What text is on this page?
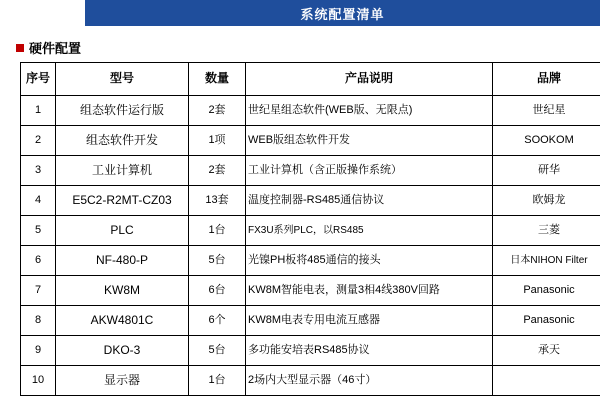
系统配置清单
硬件配置
序号	型号	数量	产品说明	品牌
1	组态软件运行版	2套	世纪星组态软件(WEB版、无限点)	世纪星
2	组态软件开发	1项	WEB版组态软件开发	SOOKOM
3	工业计算机	2套	工业计算机（含正版操作系统）	研华
4	E5C2-R2MT-CZ03	13套	温度控制器-RS485通信协议	欧姆龙
5	PLC	1台	FX3U系列PLC，以RS485	三菱
6	NF-480-P	5台	光镍PH板将485通信的接头	日本NIHON Filter
7	KW8M	6台	KW8M智能电表，测量3相4线380V回路	Panasonic
8	AKW4801C	6个	KW8M电表专用电流互感器	Panasonic
9	DKO-3	5台	多功能安培表RS485协议	承天
10	显示器	1台	2场内大型显示器（46寸）	
